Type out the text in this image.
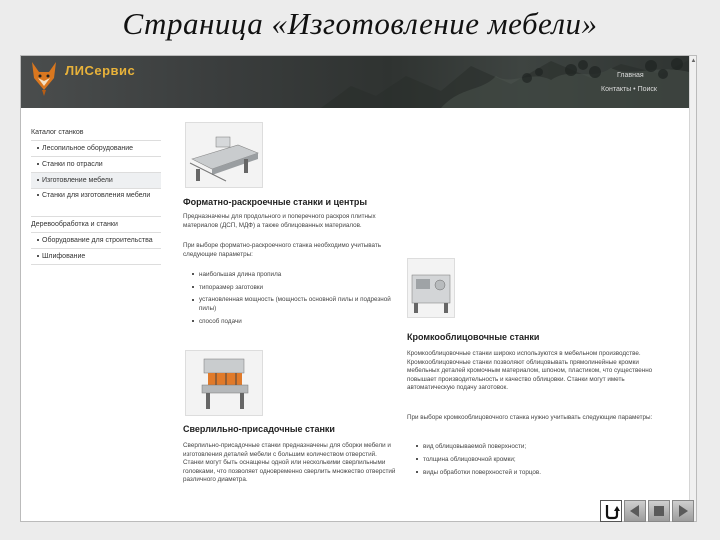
Страница «Изготовление мебели»
ЛИСервис	Главная
Контакты • Поиск
▲
Каталог станков
Лесопильное оборудование
Станки по отрасли
Изготовление мебели
Станки для изготовления мебели
Деревообработка и станки
Оборудование для строительства
Шлифование
Форматно-раскроечные станки и центры
Предназначены для продольного и поперечного раскроя плитных материалов (ДСП, МДФ) а также облицованных материалов.
При выборе форматно-раскроечного станка необходимо учитывать следующие параметры:
наибольшая длина пропила
типоразмер заготовки
установленная мощность (мощность основной пилы и подрезной пилы)
способ подачи
Кромкооблицовочные станки
Кромкооблицовочные станки широко используются в мебельном производстве. Кромкооблицовочные станки позволяют облицовывать прямолинейные кромки мебельных деталей кромочным материалом, шпоном, пластиком, что существенно повышает производительность и качество облицовки. Станки могут иметь автоматическую подачу заготовок.
При выборе кромкооблицовочного станка нужно учитывать следующие параметры:
вид облицовываемой поверхности;
толщина облицовочной кромки;
виды обработки поверхностей и торцов.
Сверлильно-присадочные станки
Сверлильно-присадочные станки предназначены для сборки мебели и изготовления деталей мебели с большим количеством отверстий. Станки могут быть оснащены одной или несколькими сверлильными головками, что позволяет одновременно сверлить множество отверстий различного диаметра.
